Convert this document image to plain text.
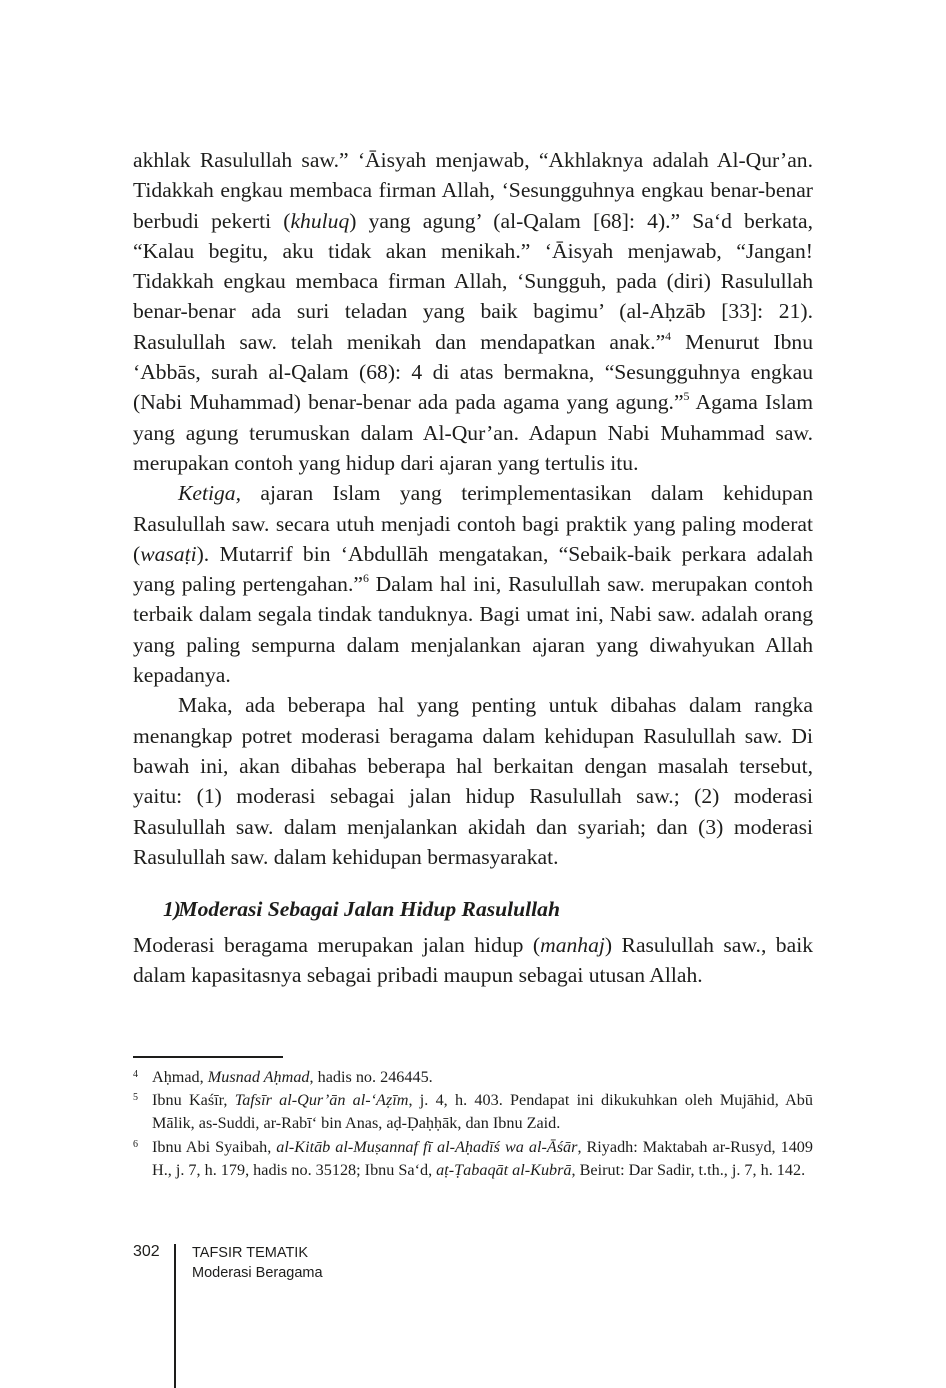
akhlak Rasulullah saw.” ‘Āisyah menjawab, “Akhlaknya adalah Al-Qur’an. Tidakkah engkau membaca firman Allah, ‘Sesungguhnya engkau benar-benar berbudi pekerti (khuluq) yang agung’ (al-Qalam [68]: 4).” Sa‘d berkata, “Kalau begitu, aku tidak akan menikah.” ‘Āisyah menjawab, “Jangan! Tidakkah engkau membaca firman Allah, ‘Sungguh, pada (diri) Rasulullah benar-benar ada suri teladan yang baik bagimu’ (al-Aḥzāb [33]: 21). Rasulullah saw. telah menikah dan mendapatkan anak.”$^4$ Menurut Ibnu ‘Abbās, surah al-Qalam (68): 4 di atas bermakna, “Sesungguhnya engkau (Nabi Muhammad) benar-benar ada pada agama yang agung.”$^5$ Agama Islam yang agung terumuskan dalam Al-Qur’an. Adapun Nabi Muhammad saw. merupakan contoh yang hidup dari ajaran yang tertulis itu.

Ketiga, ajaran Islam yang terimplementasikan dalam kehidupan Rasulullah saw. secara utuh menjadi contoh bagi praktik yang paling moderat (wasaṭi). Mutarrif bin ‘Abdullāh mengatakan, “Sebaik-baik perkara adalah yang paling pertengahan.”$^6$ Dalam hal ini, Rasulullah saw. merupakan contoh terbaik dalam segala tindak tanduknya. Bagi umat ini, Nabi saw. adalah orang yang paling sempurna dalam menjalankan ajaran yang diwahyukan Allah kepadanya.

Maka, ada beberapa hal yang penting untuk dibahas dalam rangka menangkap potret moderasi beragama dalam kehidupan Rasulullah saw. Di bawah ini, akan dibahas beberapa hal berkaitan dengan masalah tersebut, yaitu: (1) moderasi sebagai jalan hidup Rasulullah saw.; (2) moderasi Rasulullah saw. dalam menjalankan akidah dan syariah; dan (3) moderasi Rasulullah saw. dalam kehidupan bermasyarakat.

1) Moderasi Sebagai Jalan Hidup Rasulullah

Moderasi beragama merupakan jalan hidup (manhaj) Rasulullah saw., baik dalam kapasitasnya sebagai pribadi maupun sebagai utusan Allah.

4 Aḥmad, Musnad Aḥmad, hadis no. 246445.

5 Ibnu Kaśīr, Tafsīr al-Qur’ān al-‘Aẓīm, j. 4, h. 403. Pendapat ini dikukuhkan oleh Mujāhid, Abū Mālik, as-Suddi, ar-Rabī‘ bin Anas, aḍ-Ḍaḥḥāk, dan Ibnu Zaid.

6 Ibnu Abi Syaibah, al-Kitāb al-Muṣannaf fī al-Aḥadīś wa al-Āśār, Riyadh: Maktabah ar-Rusyd, 1409 H., j. 7, h. 179, hadis no. 35128; Ibnu Sa‘d, aṭ-Ṭabaqāt al-Kubrā, Beirut: Dar Sadir, t.th., j. 7, h. 142.

302 TAFSIR TEMATIK
Moderasi Beragama
